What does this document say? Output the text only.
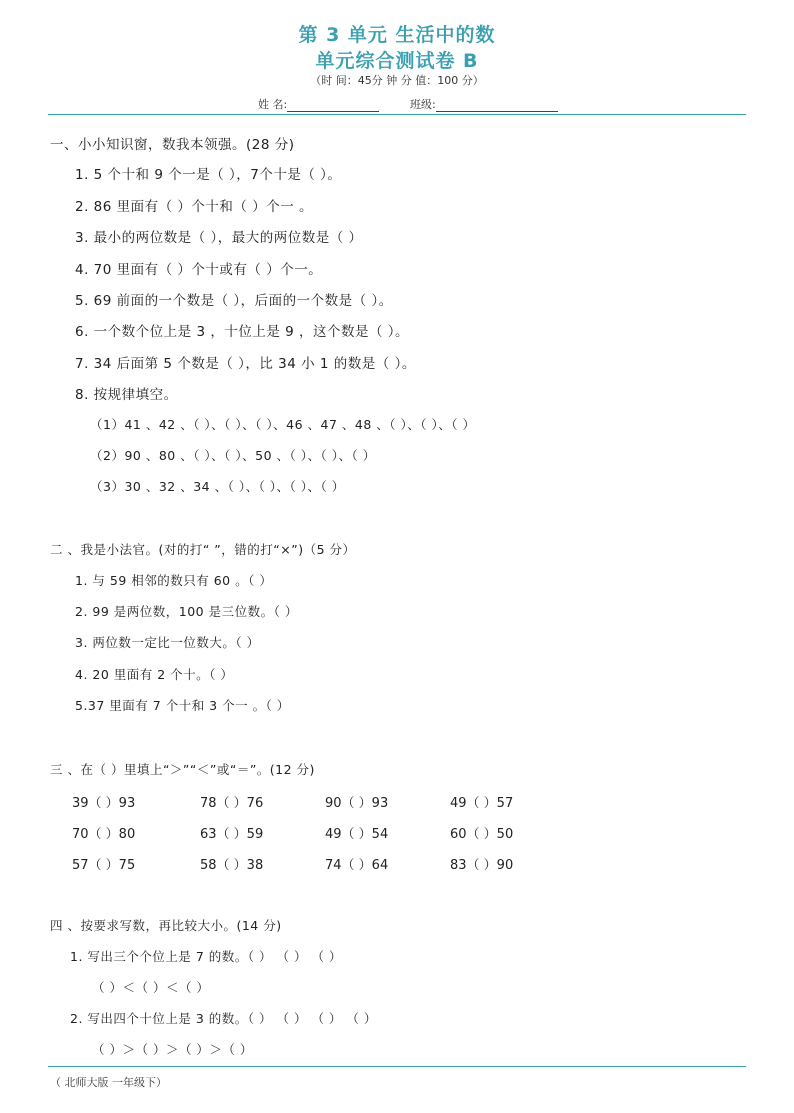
第 3 单元 生活中的数
单元综合测试卷 B
（时 间：45分 钟 分 值：100 分）
姓 名:	班级:
一、小小知识窗，数我本领强。(28 分)
1. 5 个十和 9 个一是（ ），7个十是（ ）。
2. 86 里面有（ ）个十和（ ）个一 。
3. 最小的两位数是（ ），最大的两位数是（ ）
4. 70 里面有（ ）个十或有（ ）个一。
5. 69 前面的一个数是（ ），后面的一个数是（ ）。
6. 一个数个位上是 3 ，十位上是 9 ，这个数是（ ）。
7. 34 后面第 5 个数是（ ），比 34 小 1 的数是（ ）。
8. 按规律填空。
（1）41 、42 、（ ）、（ ）、（ ）、46 、47 、48 、（ ）、（ ）、（ ）
（2）90 、80 、（ ）、（ ）、50 、（ ）、（ ）、（ ）
（3）30 、32 、34 、（ ）、（ ）、（ ）、（ ）
二 、我是小法官。(对的打“ ”，错的打“×”)（5 分）
1. 与 59 相邻的数只有 60 。（ ）
2. 99 是两位数，100 是三位数。（ ）
3. 两位数一定比一位数大。（ ）
4. 20 里面有 2 个十。（ ）
5.37 里面有 7 个十和 3 个一 。（ ）
三 、在（ ）里填上“＞”“＜”或“＝”。(12 分)
39（ ）93	78（ ）76	90（ ）93	49（ ）57
70（ ）80	63（ ）59	49（ ）54	60（ ）50
57（ ）75	58（ ）38	74（ ）64	83（ ）90
四 、按要求写数，再比较大小。(14 分)
1. 写出三个个位上是 7 的数。（ ） （ ） （ ）
（ ）＜（ ）＜（ ）
2. 写出四个十位上是 3 的数。（ ） （ ） （ ） （ ）
（ ）＞（ ）＞（ ）＞（ ）
（ 北师大版 一年级下）
